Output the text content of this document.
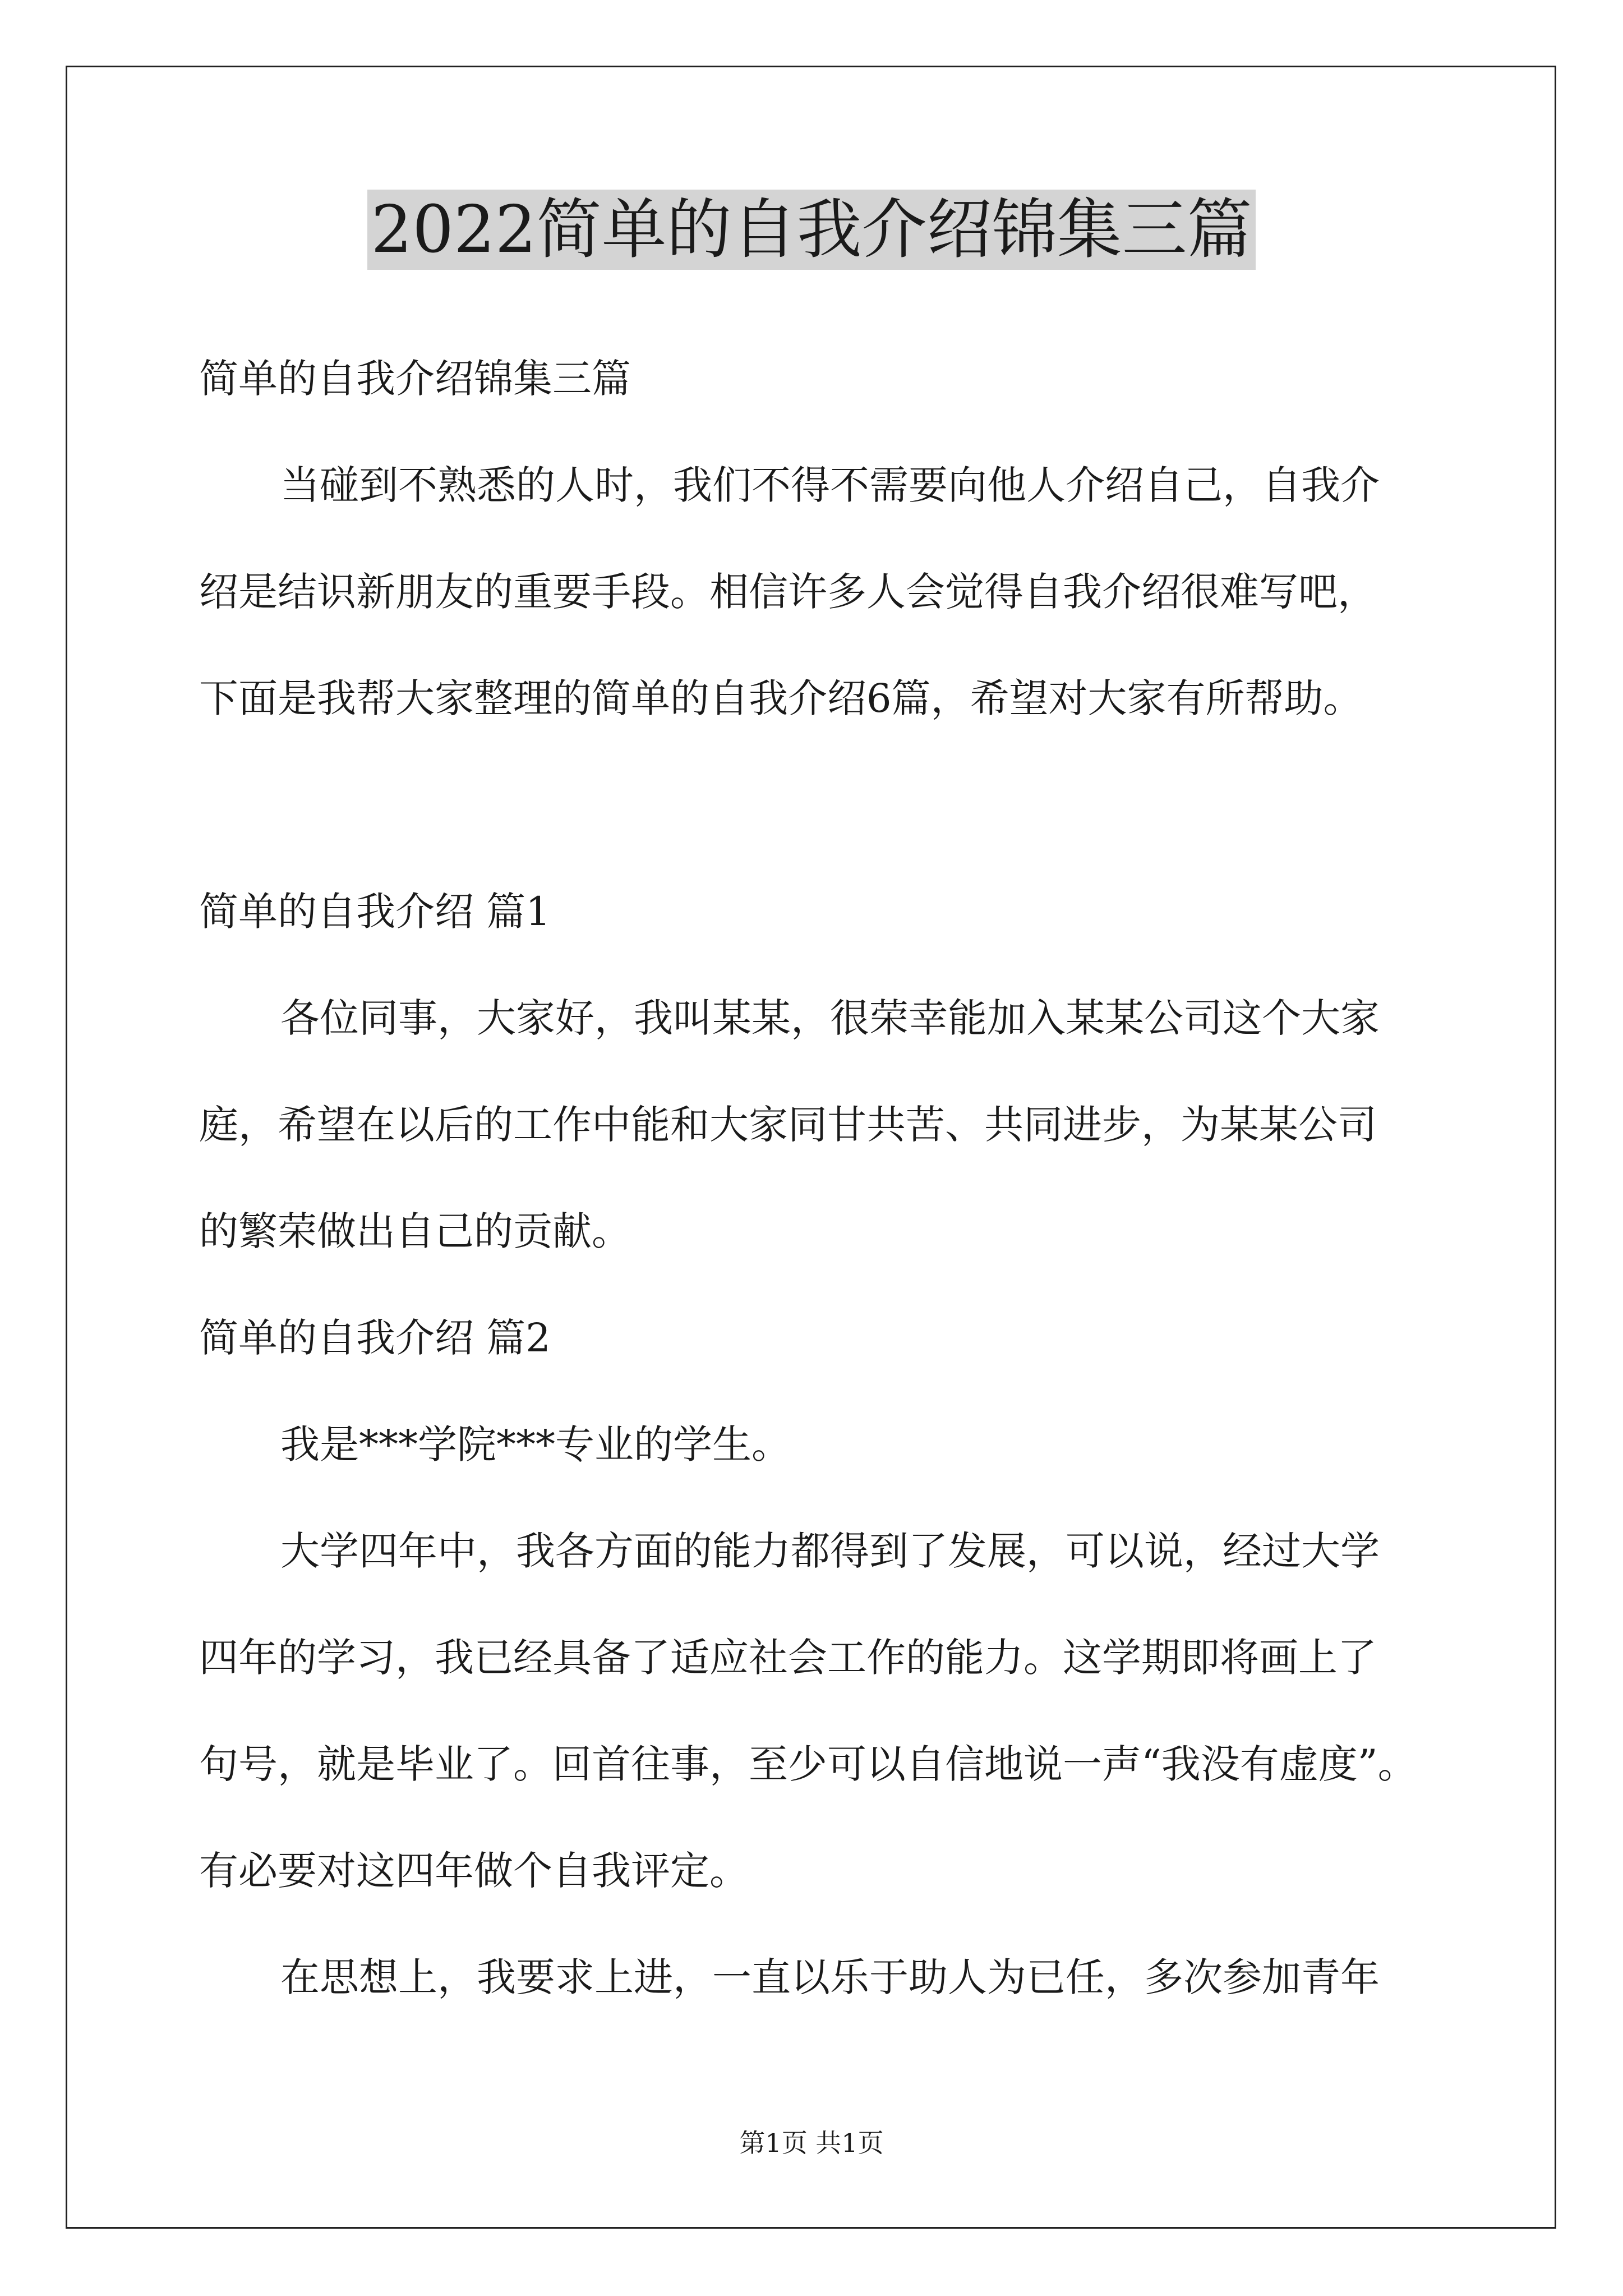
2022简单的自我介绍锦集三篇
简单的自我介绍锦集三篇
当碰到不熟悉的人时，我们不得不需要向他人介绍自己，自我介
绍是结识新朋友的重要手段。相信许多人会觉得自我介绍很难写吧，
下面是我帮大家整理的简单的自我介绍6篇，希望对大家有所帮助。
简单的自我介绍 篇1
各位同事，大家好，我叫某某，很荣幸能加入某某公司这个大家
庭，希望在以后的工作中能和大家同甘共苦、共同进步，为某某公司
的繁荣做出自己的贡献。
简单的自我介绍 篇2
我是***学院***专业的学生。
大学四年中，我各方面的能力都得到了发展，可以说，经过大学
四年的学习，我已经具备了适应社会工作的能力。这学期即将画上了
句号，就是毕业了。回首往事，至少可以自信地说一声“我没有虚度”。
有必要对这四年做个自我评定。
在思想上，我要求上进，一直以乐于助人为已任，多次参加青年
第1页 共1页
